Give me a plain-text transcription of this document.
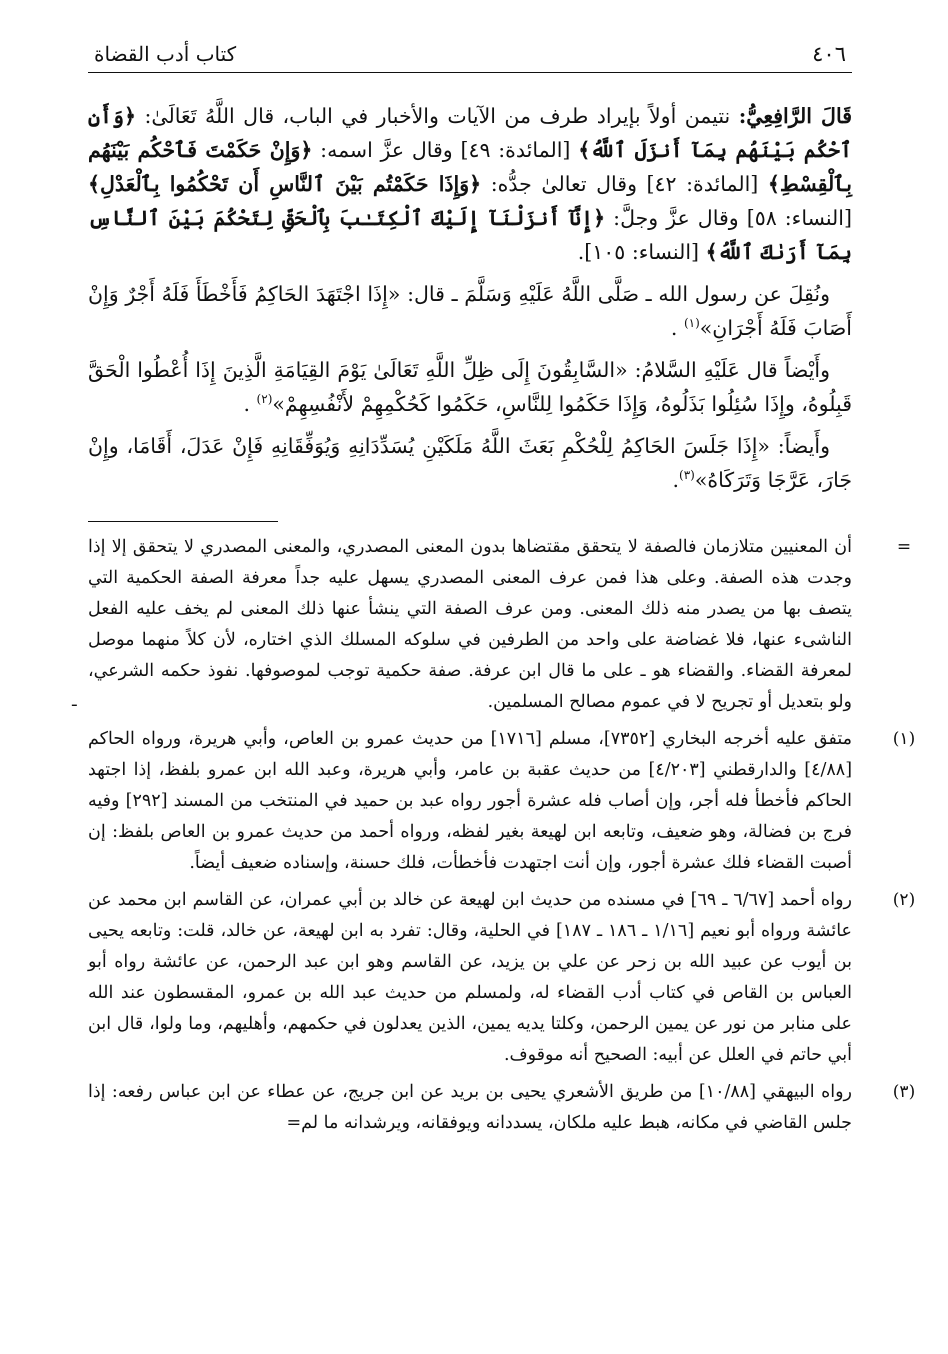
٤٠٦
كتاب أدب القضاة

قَالَ الرَّافِعِيُّ: نتيمن أولاً بإيراد طرف من الآيات والأخبار في الباب، قال اللَّهُ تَعَالَىٰ: ﴿وَأَنِ ٱحْكُم بَيْنَهُم بِمَآ أَنزَلَ ٱللَّهُ﴾ [المائدة: ٤٩] وقال عزَّ اسمه: ﴿وَإِنْ حَكَمْتَ فَٱحْكُم بَيْنَهُم بِٱلْقِسْطِ﴾ [المائدة: ٤٢] وقال تعالىٰ جدُّه: ﴿وَإِذَا حَكَمْتُم بَيْنَ ٱلنَّاسِ أَن تَحْكُمُوا بِٱلْعَدْلِ﴾ [النساء: ٥٨] وقال عزَّ وجلَّ: ﴿إِنَّآ أَنزَلْنَآ إِلَيْكَ ٱلْكِتَـٰبَ بِٱلْحَقِّ لِتَحْكُمَ بَيْنَ ٱلنَّاسِ بِمَآ أَرَىٰكَ ٱللَّهُ﴾ [النساء: ١٠٥].

ونُقِلَ عن رسول الله ـ صَلَّى اللَّهُ عَلَيْهِ وَسَلَّمَ ـ قال: «إِذَا اجْتَهَدَ الحَاكِمُ فَأَخْطَأَ فَلَهُ أَجْرٌ وَإِنْ أَصَابَ فَلَهُ أَجْرَانِ»$^{(١)}$ .

وأَيْضاً قال عَلَيْهِ السَّلامُ: «السَّابِقُونَ إِلَى ظِلِّ اللَّهِ تَعَالَىٰ يَوْمَ القِيَامَةِ الَّذِينَ إِذَا أُعْطُوا الْحَقَّ قَبِلُوهُ، وإِذَا سُئِلُوا بَذَلُوهُ، وَإِذَا حَكَمُوا لِلنَّاسِ، حَكَمُوا كَحُكْمِهِمْ لأَنْفُسِهِمْ»$^{(٢)}$ .

وأَيضاً: «إِذَا جَلَسَ الحَاكِمُ لِلْحُكْمِ بَعَثَ اللَّهُ مَلَكَيْنِ يُسَدِّدَانِهِ وَيُوَفِّقَانِهِ فَإِنْ عَدَلَ، أَقَامَا، وإِنْ جَارَ، عَرَّجَا وَتَرَكَاهُ»$^{(٣)}$.

=
أن المعنيين متلازمان فالصفة لا يتحقق مقتضاها بدون المعنى المصدري، والمعنى المصدري لا يتحقق إلا إذا وجدت هذه الصفة. وعلى هذا فمن عرف المعنى المصدري يسهل عليه جداً معرفة الصفة الحكمية التي يتصف بها من يصدر منه ذلك المعنى. ومن عرف الصفة التي ينشأ عنها ذلك المعنى لم يخف عليه الفعل الناشىء عنها، فلا غضاضة على واحد من الطرفين في سلوكه المسلك الذي اختاره، لأن كلاً منهما موصل لمعرفة القضاء. والقضاء هو ـ على ما قال ابن عرفة. صفة حكمية توجب لموصوفها. نفوذ حكمه الشرعي، ولو بتعديل أو تجريح لا في عموم مصالح المسلمين.
ـ
(١)
متفق عليه أخرجه البخاري [٧٣٥٢]، مسلم [١٧١٦] من حديث عمرو بن العاص، وأبي هريرة، ورواه الحاكم [٤/٨٨] والدارقطني [٤/٢٠٣] من حديث عقبة بن عامر، وأبي هريرة، وعبد الله ابن عمرو بلفظ، إذا اجتهد الحاكم فأخطأ فله أجر، وإن أصاب فله عشرة أجور رواه عبد بن حميد في المنتخب من المسند [٢٩٢] وفيه فرج بن فضالة، وهو ضعيف، وتابعه ابن لهيعة بغير لفظه، ورواه أحمد من حديث عمرو بن العاص بلفظ: إن أصبت القضاء فلك عشرة أجور، وإن أنت اجتهدت فأخطأت، فلك حسنة، وإسناده ضعيف أيضاً.
(٢)
رواه أحمد [٦/٦٧ ـ ٦٩] في مسنده من حديث ابن لهيعة عن خالد بن أبي عمران، عن القاسم ابن محمد عن عائشة ورواه أبو نعيم [١/١٦ ـ ١٨٦ ـ ١٨٧] في الحلية، وقال: تفرد به ابن لهيعة، عن خالد، قلت: وتابعه يحيى بن أيوب عن عبيد الله بن زحر عن علي بن يزيد، عن القاسم وهو ابن عبد الرحمن، عن عائشة رواه أبو العباس بن القاص في كتاب أدب القضاء له، ولمسلم من حديث عبد الله بن عمرو، المقسطون عند الله على منابر من نور عن يمين الرحمن، وكلتا يديه يمين، الذين يعدلون في حكمهم، وأهليهم، وما ولوا، قال ابن أبي حاتم في العلل عن أبيه: الصحيح أنه موقوف.
(٣)
رواه البيهقي [١٠/٨٨] من طريق الأشعري يحيى بن بريد عن ابن جريج، عن عطاء عن ابن عباس رفعه: إذا جلس القاضي في مكانه، هبط عليه ملكان، يسددانه ويوفقانه، ويرشدانه ما لم=
